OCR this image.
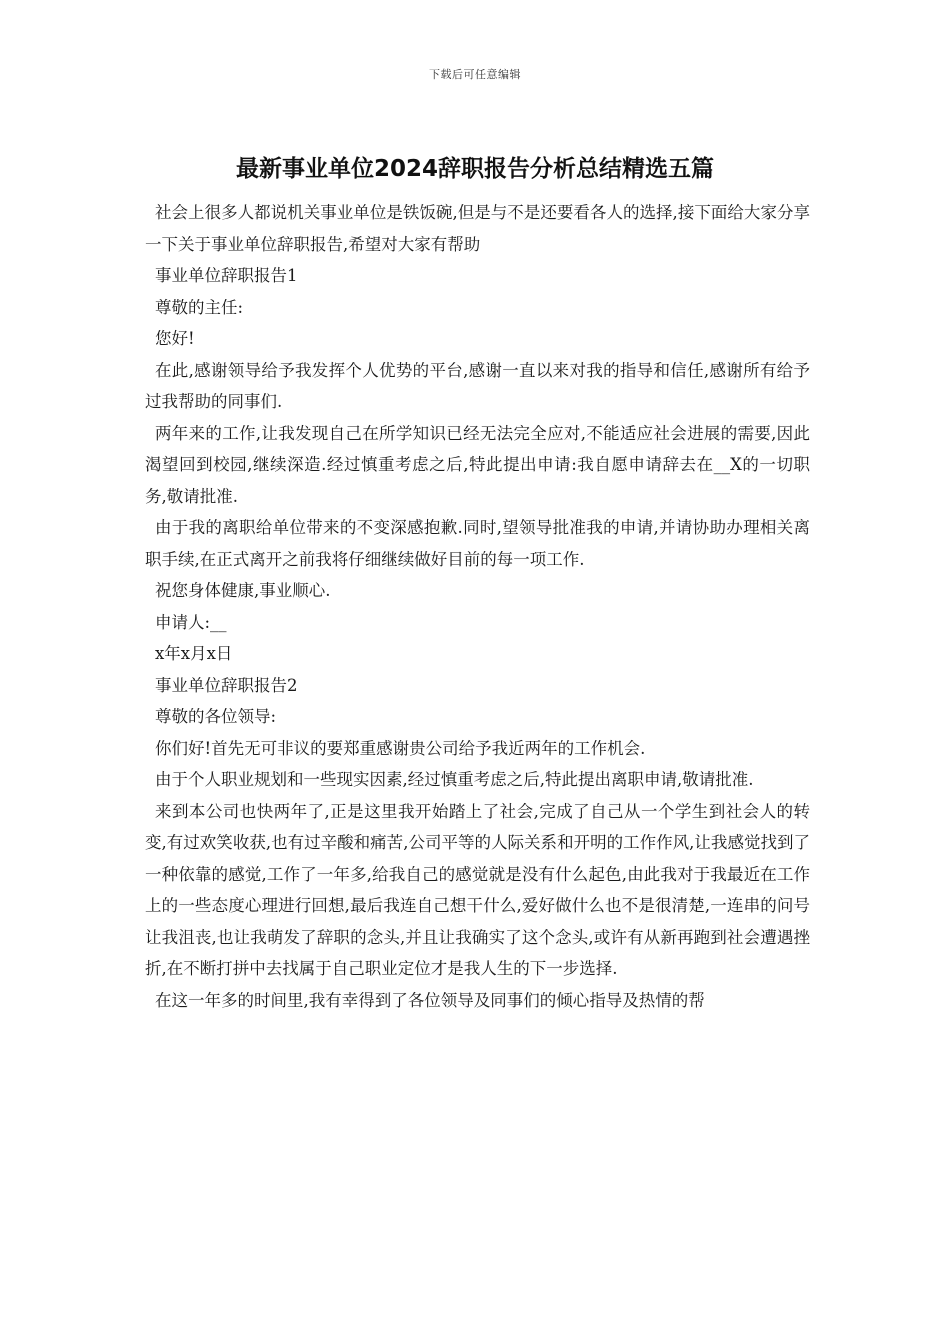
下载后可任意编辑
最新事业单位2024辞职报告分析总结精选五篇

社会上很多人都说机关事业单位是铁饭碗,但是与不是还要看各人的选择,接下面给大家分享一下关于事业单位辞职报告,希望对大家有帮助

事业单位辞职报告1

尊敬的主任:

您好!

在此,感谢领导给予我发挥个人优势的平台,感谢一直以来对我的指导和信任,感谢所有给予过我帮助的同事们.

两年来的工作,让我发现自己在所学知识已经无法完全应对,不能适应社会进展的需要,因此渴望回到校园,继续深造.经过慎重考虑之后,特此提出申请:我自愿申请辞去在__X的一切职务,敬请批准.

由于我的离职给单位带来的不变深感抱歉.同时,望领导批准我的申请,并请协助办理相关离职手续,在正式离开之前我将仔细继续做好目前的每一项工作.

祝您身体健康,事业顺心.

申请人:__

x年x月x日

事业单位辞职报告2

尊敬的各位领导:

你们好!首先无可非议的要郑重感谢贵公司给予我近两年的工作机会.

由于个人职业规划和一些现实因素,经过慎重考虑之后,特此提出离职申请,敬请批准.

来到本公司也快两年了,正是这里我开始踏上了社会,完成了自己从一个学生到社会人的转变,有过欢笑收获,也有过辛酸和痛苦,公司平等的人际关系和开明的工作作风,让我感觉找到了一种依靠的感觉,工作了一年多,给我自己的感觉就是没有什么起色,由此我对于我最近在工作上的一些态度心理进行回想,最后我连自己想干什么,爱好做什么也不是很清楚,一连串的问号让我沮丧,也让我萌发了辞职的念头,并且让我确实了这个念头,或许有从新再跑到社会遭遇挫折,在不断打拼中去找属于自己职业定位才是我人生的下一步选择.

在这一年多的时间里,我有幸得到了各位领导及同事们的倾心指导及热情的帮
